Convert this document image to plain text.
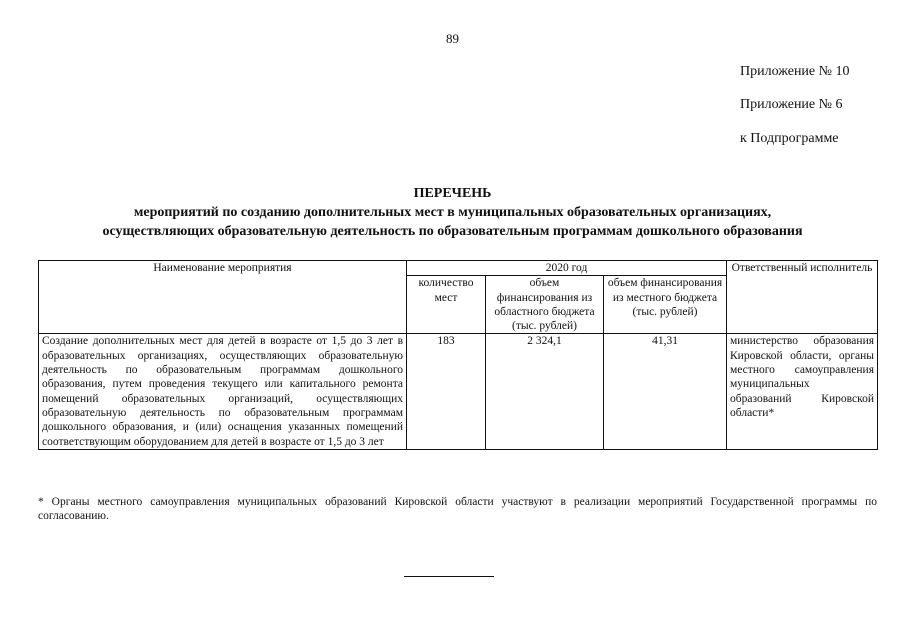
89
Приложение № 10
Приложение № 6
к Подпрограмме
ПЕРЕЧЕНЬ
мероприятий по созданию дополнительных мест в муниципальных образовательных организациях,
осуществляющих образовательную деятельность по образовательным программам дошкольного образования
Наименование мероприятия	2020 год			Ответственный исполнитель
	количество мест	объем финансирования из областного бюджета (тыс. рублей)	объем финансирования из местного бюджета (тыс. рублей)	
Создание дополнительных мест для детей в возрасте от 1,5 до 3 лет в образовательных организациях, осуществляющих образовательную деятельность по образовательным программам дошкольного образования, путем проведения текущего или капитального ремонта помещений образовательных организаций, осуществляющих образовательную деятельность по образовательным программам дошкольного образования, и (или) оснащения указанных помещений соответствующим оборудованием для детей в возрасте от 1,5 до 3 лет	183	2 324,1	41,31	министерство образования Кировской области, органы местного самоуправления муниципальных образований Кировской области*
* Органы местного самоуправления муниципальных образований Кировской области участвуют в реализации мероприятий Государственной программы по согласованию.
